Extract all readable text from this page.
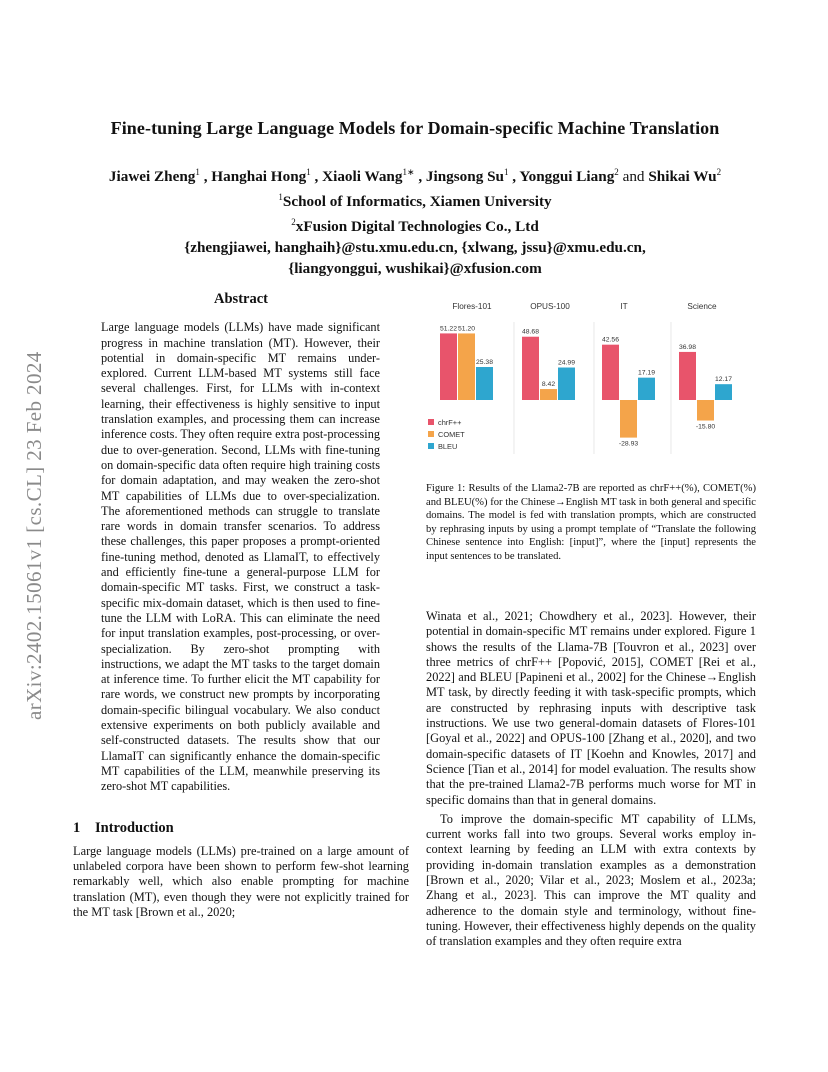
arXiv:2402.15061v1 [cs.CL] 23 Feb 2024
Fine-tuning Large Language Models for Domain-specific Machine Translation
Jiawei Zheng$^1$ , Hanghai Hong$^1$ , Xiaoli Wang$^{1∗}$ , Jingsong Su$^1$ , Yonggui Liang$^2$ and Shikai Wu$^2$
$^1$School of Informatics, Xiamen University
$^2$xFusion Digital Technologies Co., Ltd
{zhengjiawei, hanghaih}@stu.xmu.edu.cn, {xlwang, jssu}@xmu.edu.cn,
{liangyonggui, wushikai}@xfusion.com
Abstract

Large language models (LLMs) have made significant progress in machine translation (MT). However, their potential in domain-specific MT remains under-explored. Current LLM-based MT systems still face several challenges. First, for LLMs with in-context learning, their effectiveness is highly sensitive to input translation examples, and processing them can increase inference costs. They often require extra post-processing due to over-generation. Second, LLMs with fine-tuning on domain-specific data often require high training costs for domain adaptation, and may weaken the zero-shot MT capabilities of LLMs due to over-specialization. The aforementioned methods can struggle to translate rare words in domain transfer scenarios. To address these challenges, this paper proposes a prompt-oriented fine-tuning method, denoted as LlamaIT, to effectively and efficiently fine-tune a general-purpose LLM for domain-specific MT tasks. First, we construct a task-specific mix-domain dataset, which is then used to fine-tune the LLM with LoRA. This can eliminate the need for input translation examples, post-processing, or over-specialization. By zero-shot prompting with instructions, we adapt the MT tasks to the target domain at inference time. To further elicit the MT capability for rare words, we construct new prompts by incorporating domain-specific bilingual vocabulary. We also conduct extensive experiments on both publicly available and self-constructed datasets. The results show that our LlamaIT can significantly enhance the domain-specific MT capabilities of the LLM, meanwhile preserving its zero-shot MT capabilities.

1 Introduction

Large language models (LLMs) pre-trained on a large amount of unlabeled corpora have been shown to perform few-shot learning remarkably well, which also enable prompting for machine translation (MT), even though they were not explicitly trained for the MT task [Brown et al., 2020;

Flores-101
51.22 51.20
25.38
OPUS-100
48.68
8.42
24.99
IT
42.56
-28.93
17.19
Science
36.98
-15.80
12.17
chrF++
COMET
BLEU
Figure 1: Results of the Llama2-7B are reported as chrF++(%), COMET(%) and BLEU(%) for the Chinese→English MT task in both general and specific domains. The model is fed with translation prompts, which are constructed by rephrasing inputs by using a prompt template of “Translate the following Chinese sentence into English: [input]”, where the [input] represents the input sentences to be translated.

Winata et al., 2021; Chowdhery et al., 2023]. However, their potential in domain-specific MT remains under explored. Figure 1 shows the results of the Llama-7B [Touvron et al., 2023] over three metrics of chrF++ [Popović, 2015], COMET [Rei et al., 2022] and BLEU [Papineni et al., 2002] for the Chinese→English MT task, by directly feeding it with task-specific prompts, which are constructed by rephrasing inputs with descriptive task instructions. We use two general-domain datasets of Flores-101 [Goyal et al., 2022] and OPUS-100 [Zhang et al., 2020], and two domain-specific datasets of IT [Koehn and Knowles, 2017] and Science [Tian et al., 2014] for model evaluation. The results show that the pre-trained Llama2-7B performs much worse for MT in specific domains than that in general domains.

To improve the domain-specific MT capability of LLMs, current works fall into two groups. Several works employ in-context learning by feeding an LLM with extra contexts by providing in-domain translation examples as a demonstration [Brown et al., 2020; Vilar et al., 2023; Moslem et al., 2023a; Zhang et al., 2023]. This can improve the MT quality and adherence to the domain style and terminology, without fine-tuning. However, their effectiveness highly depends on the quality of translation examples and they often require extra
